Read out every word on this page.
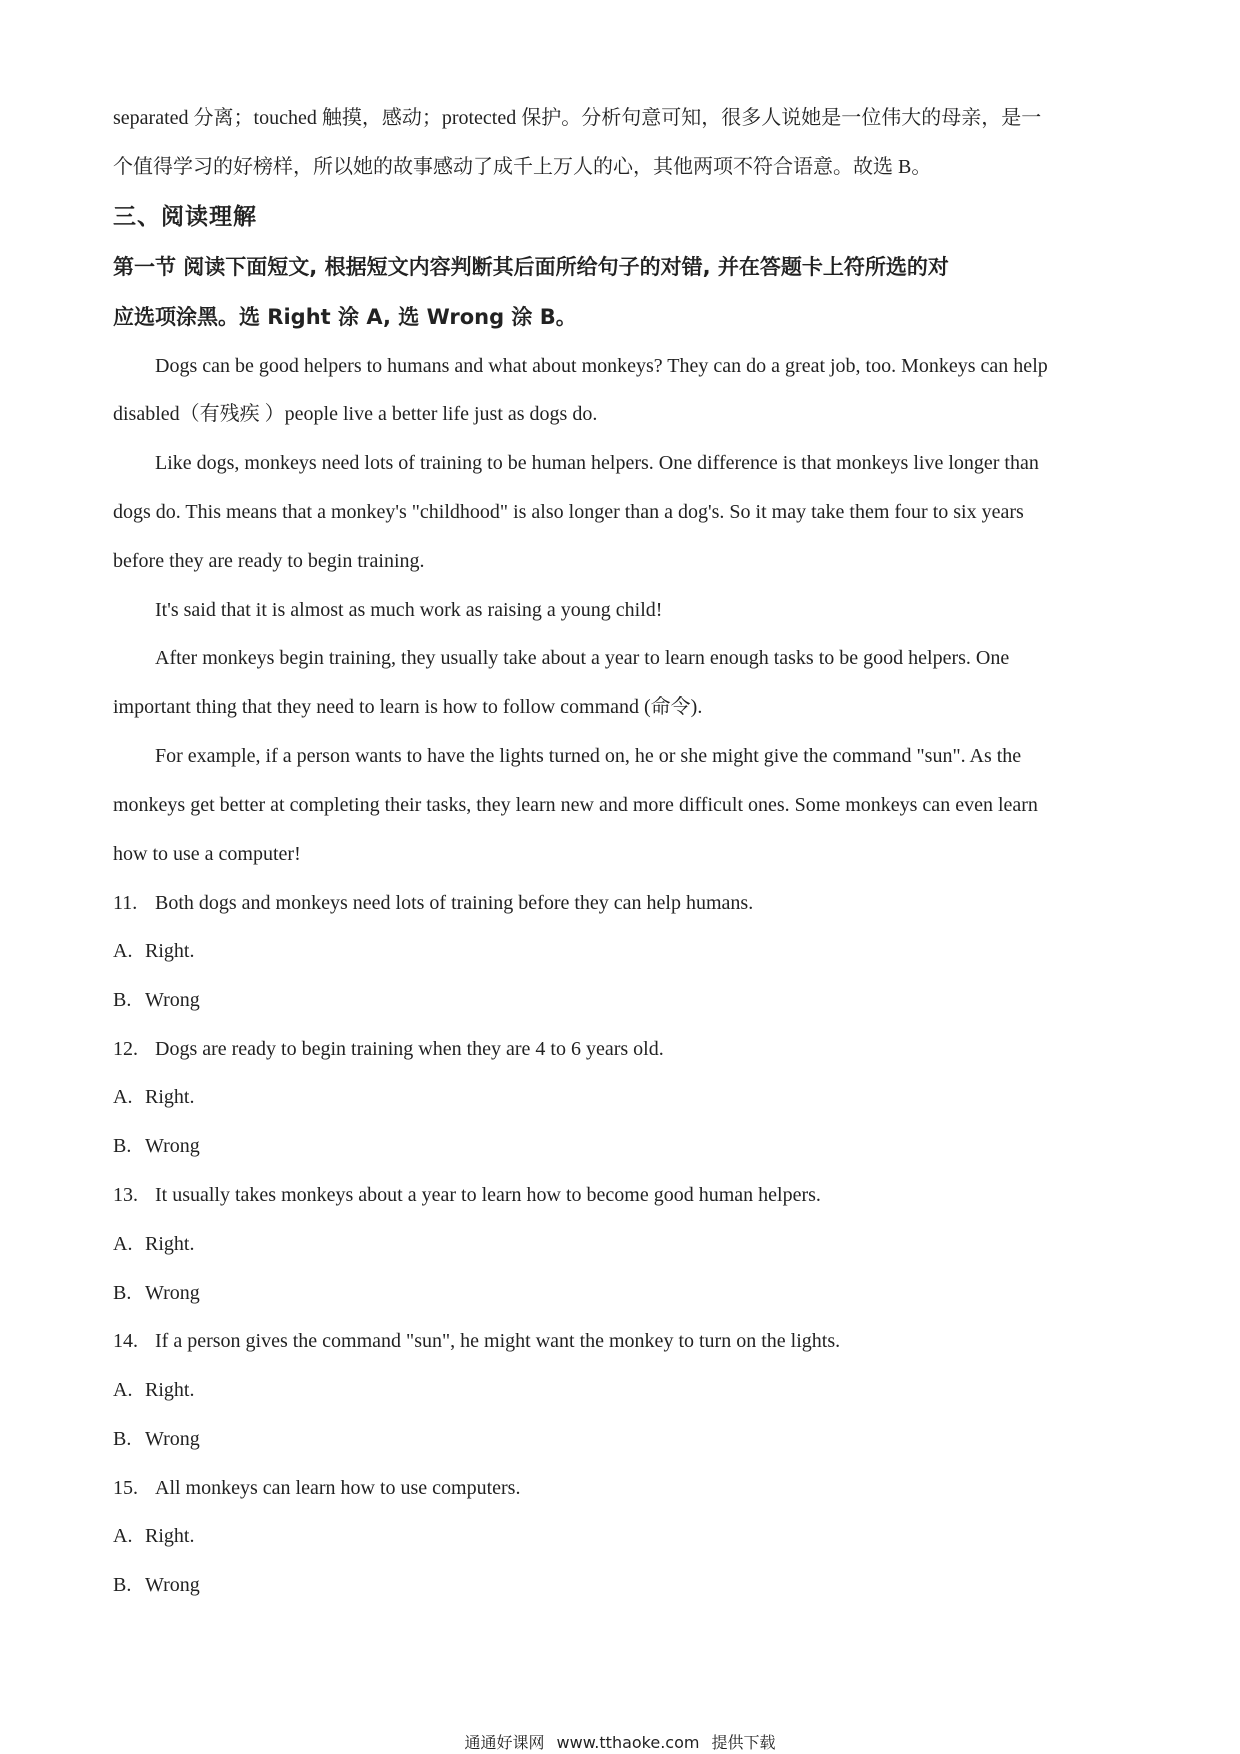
separated 分离；touched 触摸，感动；protected 保护。分析句意可知，很多人说她是一位伟大的母亲，是一
个值得学习的好榜样，所以她的故事感动了成千上万人的心，其他两项不符合语意。故选 B。
三、阅读理解
第一节 阅读下面短文, 根据短文内容判断其后面所给句子的对错, 并在答题卡上符所选的对
应选项涂黑。选 Right 涂 A, 选 Wrong 涂 B。
Dogs can be good helpers to humans and what about monkeys? They can do a great job, too. Monkeys can help
disabled（有残疾 ）people live a better life just as dogs do.
Like dogs, monkeys need lots of training to be human helpers. One difference is that monkeys live longer than
dogs do. This means that a monkey's "childhood" is also longer than a dog's. So it may take them four to six years
before they are ready to begin training.
It's said that it is almost as much work as raising a young child!
After monkeys begin training, they usually take about a year to learn enough tasks to be good helpers. One
important thing that they need to learn is how to follow command (命令).
For example, if a person wants to have the lights turned on, he or she might give the command "sun". As the
monkeys get better at completing their tasks, they learn new and more difficult ones. Some monkeys can even learn
how to use a computer!
11. Both dogs and monkeys need lots of training before they can help humans.
A. Right.
B. Wrong
12. Dogs are ready to begin training when they are 4 to 6 years old.
A. Right.
B. Wrong
13. It usually takes monkeys about a year to learn how to become good human helpers.
A. Right.
B. Wrong
14. If a person gives the command "sun", he might want the monkey to turn on the lights.
A. Right.
B. Wrong
15. All monkeys can learn how to use computers.
A. Right.
B. Wrong
通通好课网 www.tthaoke.com 提供下载
